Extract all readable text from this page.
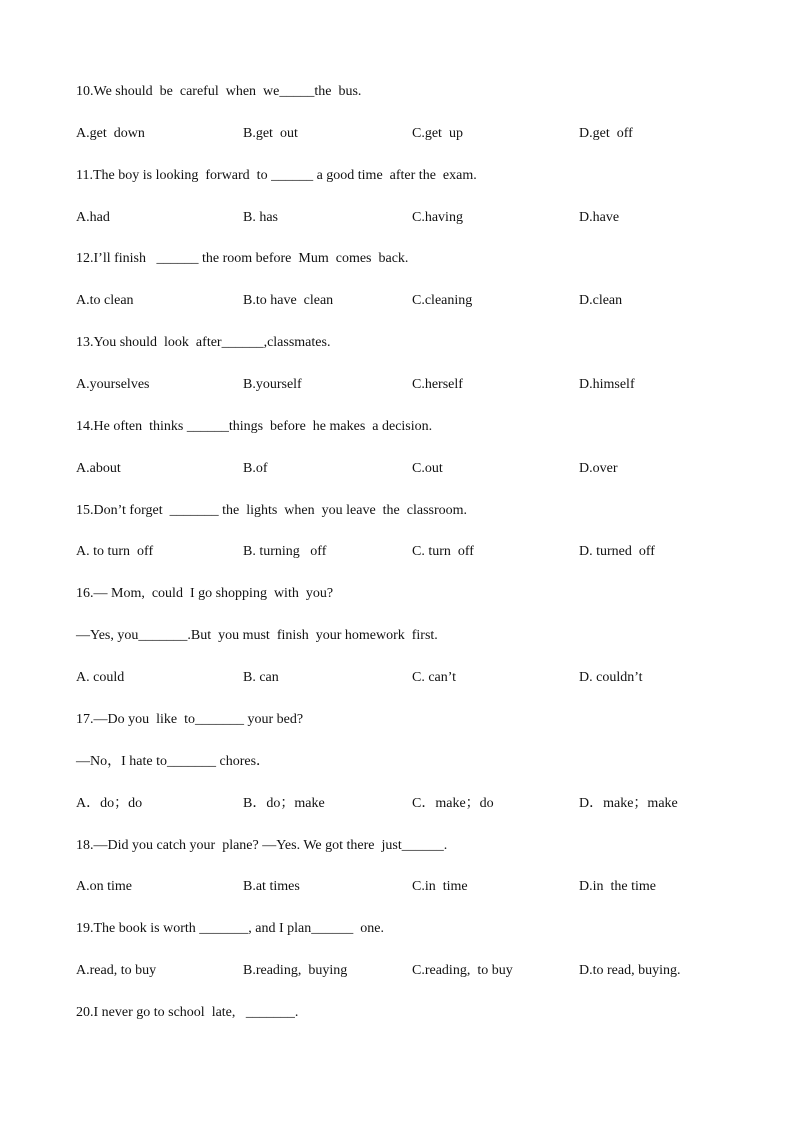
10.We should  be  careful  when  we_____the  bus.
A.get  down	B.get  out	C.get  up	D.get  off
11.The boy is looking  forward  to ______ a good time  after the  exam.
A.had	B. has	C.having	D.have
12.I’ll finish   ______ the room before  Mum  comes  back.
A.to clean	B.to have  clean	C.cleaning	D.clean
13.You should  look  after______,classmates.
A.yourselves	B.yourself	C.herself	D.himself
14.He often  thinks ______things  before  he makes  a decision.
A.about	B.of	C.out	D.over
15.Don’t forget  _______ the  lights  when  you leave  the  classroom.
A. to turn  off	B. turning   off	C. turn  off	D. turned  off
16.— Mom,  could  I go shopping  with  you?
—Yes, you_______.But  you must  finish  your homework  first.
A. could	B. can	C. can’t	D. couldn’t
17.—Do you  like  to_______ your bed?
—No，I hate to_______ chores．
A．do；do	B．do；make	C．make；do	D．make；make
18.—Did you catch your  plane? —Yes. We got there  just______.
A.on time	B.at times	C.in  time	D.in  the time
19.The book is worth _______, and I plan______  one.
A.read, to buy	B.reading,  buying	C.reading,  to buy	D.to read, buying.
20.I never go to school  late,   _______.
